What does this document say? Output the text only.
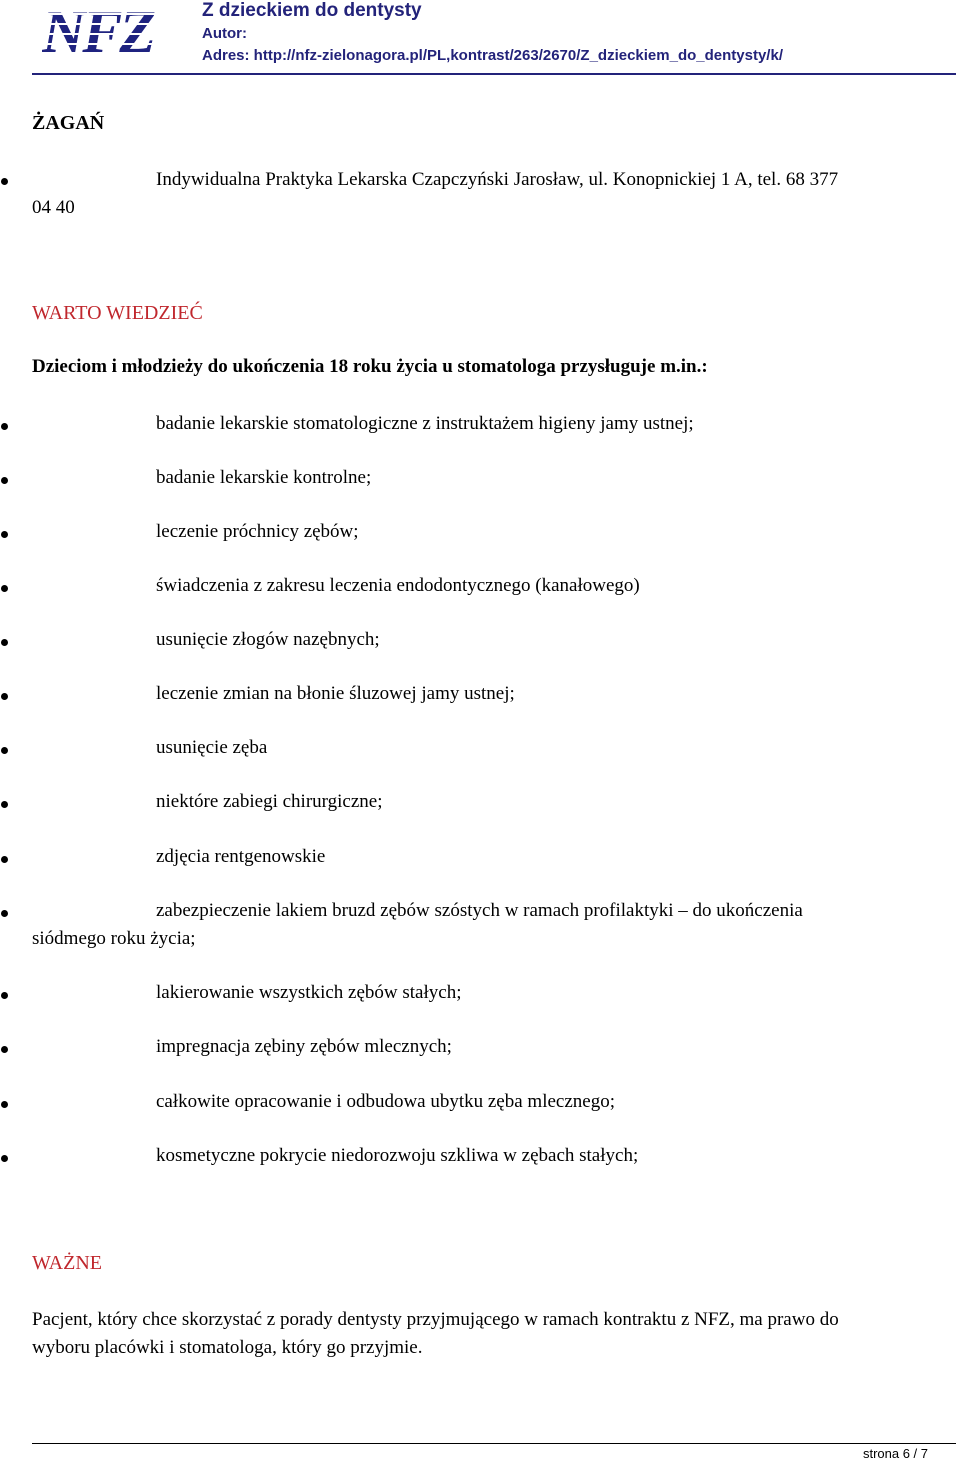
NFZ	Z dzieckiem do dentysty
Autor:
Adres: http://nfz-zielonagora.pl/PL,kontrast/263/2670/Z_dzieckiem_do_dentysty/k/
ŻAGAŃ
Indywidualna Praktyka Lekarska Czapczyński Jarosław, ul. Konopnickiej 1 A, tel. 68 377
04 40
WARTO WIEDZIEĆ
Dzieciom i młodzieży do ukończenia 18 roku życia u stomatologa przysługuje m.in.:
badanie lekarskie stomatologiczne z instruktażem higieny jamy ustnej;
badanie lekarskie kontrolne;
leczenie próchnicy zębów;
świadczenia z zakresu leczenia endodontycznego (kanałowego)
usunięcie złogów nazębnych;
leczenie zmian na błonie śluzowej jamy ustnej;
usunięcie zęba
niektóre zabiegi chirurgiczne;
zdjęcia rentgenowskie
zabezpieczenie lakiem bruzd zębów szóstych w ramach profilaktyki – do ukończenia
siódmego roku życia;
lakierowanie wszystkich zębów stałych;
impregnacja zębiny zębów mlecznych;
całkowite opracowanie i odbudowa ubytku zęba mlecznego;
kosmetyczne pokrycie niedorozwoju szkliwa w zębach stałych;
WAŻNE
Pacjent, który chce skorzystać z porady dentysty przyjmującego w ramach kontraktu z NFZ, ma prawo do
wyboru placówki i stomatologa, który go przyjmie.
strona 6 / 7
